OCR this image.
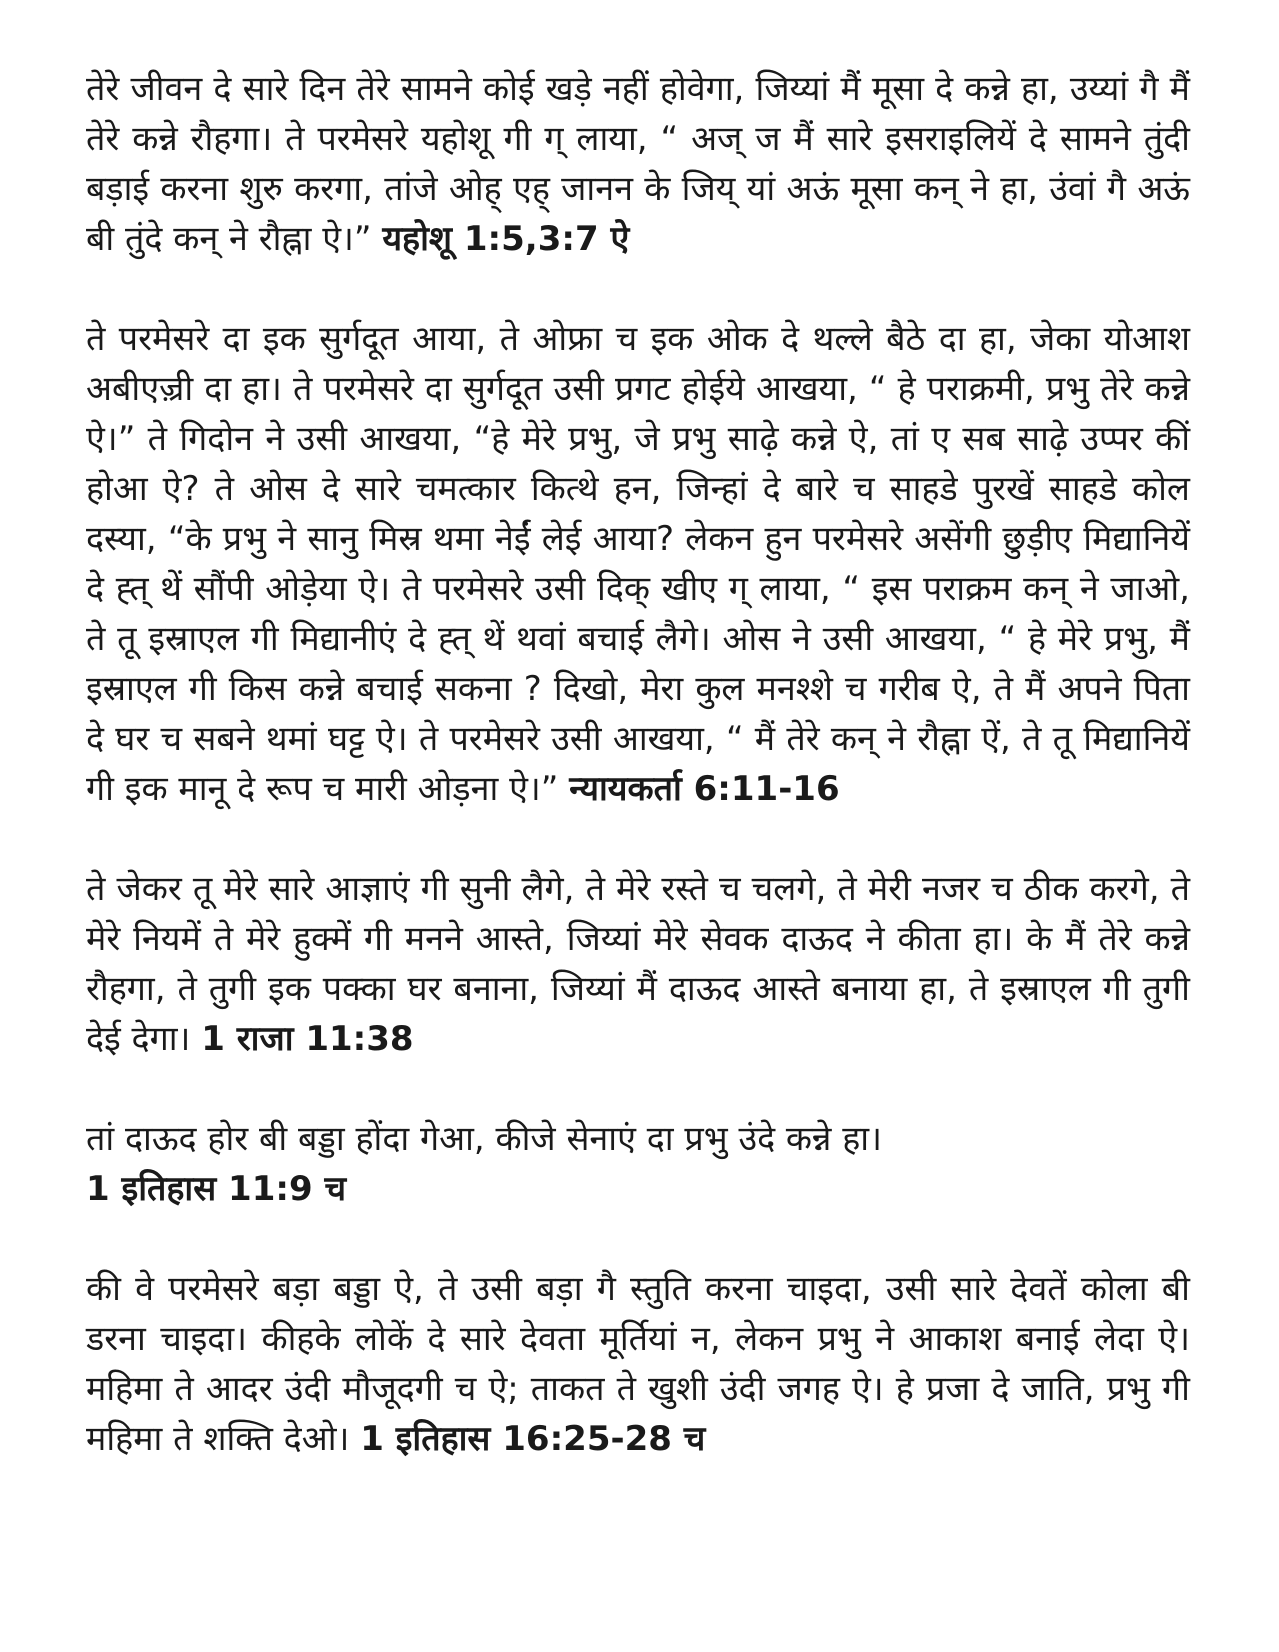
तेरे जीवन दे सारे दिन तेरे सामने कोई खड़े नहीं होवेगा, जिय्यां मैं मूसा दे कन्ने हा, उय्यां गै मैं तेरे कन्ने रौहगा। ते परमेसरे यहोशू गी ग् लाया, “ अज् ज मैं सारे इसराइलियें दे सामने तुंदी बड़ाई करना शुरु करगा, तांजे ओह् एह् जानन के जिय् यां अऊं मूसा कन् ने हा, उंवां गै अऊं बी तुंदे कन् ने रौह्ना ऐ।” यहोशू 1:5,3:7 ऐ

ते परमेसरे दा इक सुर्गदूत आया, ते ओफ्रा च इक ओक दे थल्ले बैठे दा हा, जेका योआश अबीएज़्री दा हा। ते परमेसरे दा सुर्गदूत उसी प्रगट होईये आखया, “ हे पराक्रमी, प्रभु तेरे कन्ने ऐ।” ते गिदोन ने उसी आखया, “हे मेरे प्रभु, जे प्रभु साढ़े कन्ने ऐ, तां ए सब साढ़े उप्पर कीं होआ ऐ? ते ओस दे सारे चमत्कार कित्थे हन, जिन्हां दे बारे च साहडे पुरखें साहडे कोल दस्या, “के प्रभु ने सानु मिस्र थमा नेईं लेई आया? लेकन हुन परमेसरे असेंगी छुड़ीए मिद्यानियें दे ह्त् थें सौंपी ओड़ेया ऐ। ते परमेसरे उसी दिक् खीए ग् लाया, “ इस पराक्रम कन् ने जाओ, ते तू इस्राएल गी मिद्यानीएं दे ह्त् थें थवां बचाई लैगे। ओस ने उसी आखया, “ हे मेरे प्रभु, मैं इस्राएल गी किस कन्ने बचाई सकना ? दिखो, मेरा कुल मनश्शे च गरीब ऐ, ते मैं अपने पिता दे घर च सबने थमां घट्ट ऐ। ते परमेसरे उसी आखया, “ मैं तेरे कन् ने रौह्ना ऐं, ते तू मिद्यानियें गी इक मानू दे रूप च मारी ओड़ना ऐ।” न्यायकर्ता 6:11-16

ते जेकर तू मेरे सारे आज्ञाएं गी सुनी लैगे, ते मेरे रस्ते च चलगे, ते मेरी नजर च ठीक करगे, ते मेरे नियमें ते मेरे हुक्में गी मनने आस्ते, जिय्यां मेरे सेवक दाऊद ने कीता हा। के मैं तेरे कन्ने रौहगा, ते तुगी इक पक्का घर बनाना, जिय्यां मैं दाऊद आस्ते बनाया हा, ते इस्राएल गी तुगी देई देगा। 1 राजा 11:38

तां दाऊद होर बी बड्डा होंदा गेआ, कीजे सेनाएं दा प्रभु उंदे कन्ने हा।
1 इतिहास 11:9 च

की वे परमेसरे बड़ा बड्डा ऐ, ते उसी बड़ा गै स्तुति करना चाइदा, उसी सारे देवतें कोला बी डरना चाइदा। कीहके लोकें दे सारे देवता मूर्तियां न, लेकन प्रभु ने आकाश बनाई लेदा ऐ। महिमा ते आदर उंदी मौजूदगी च ऐ; ताकत ते खुशी उंदी जगह ऐ। हे प्रजा दे जाति, प्रभु गी महिमा ते शक्ति देओ। 1 इतिहास 16:25-28 च
